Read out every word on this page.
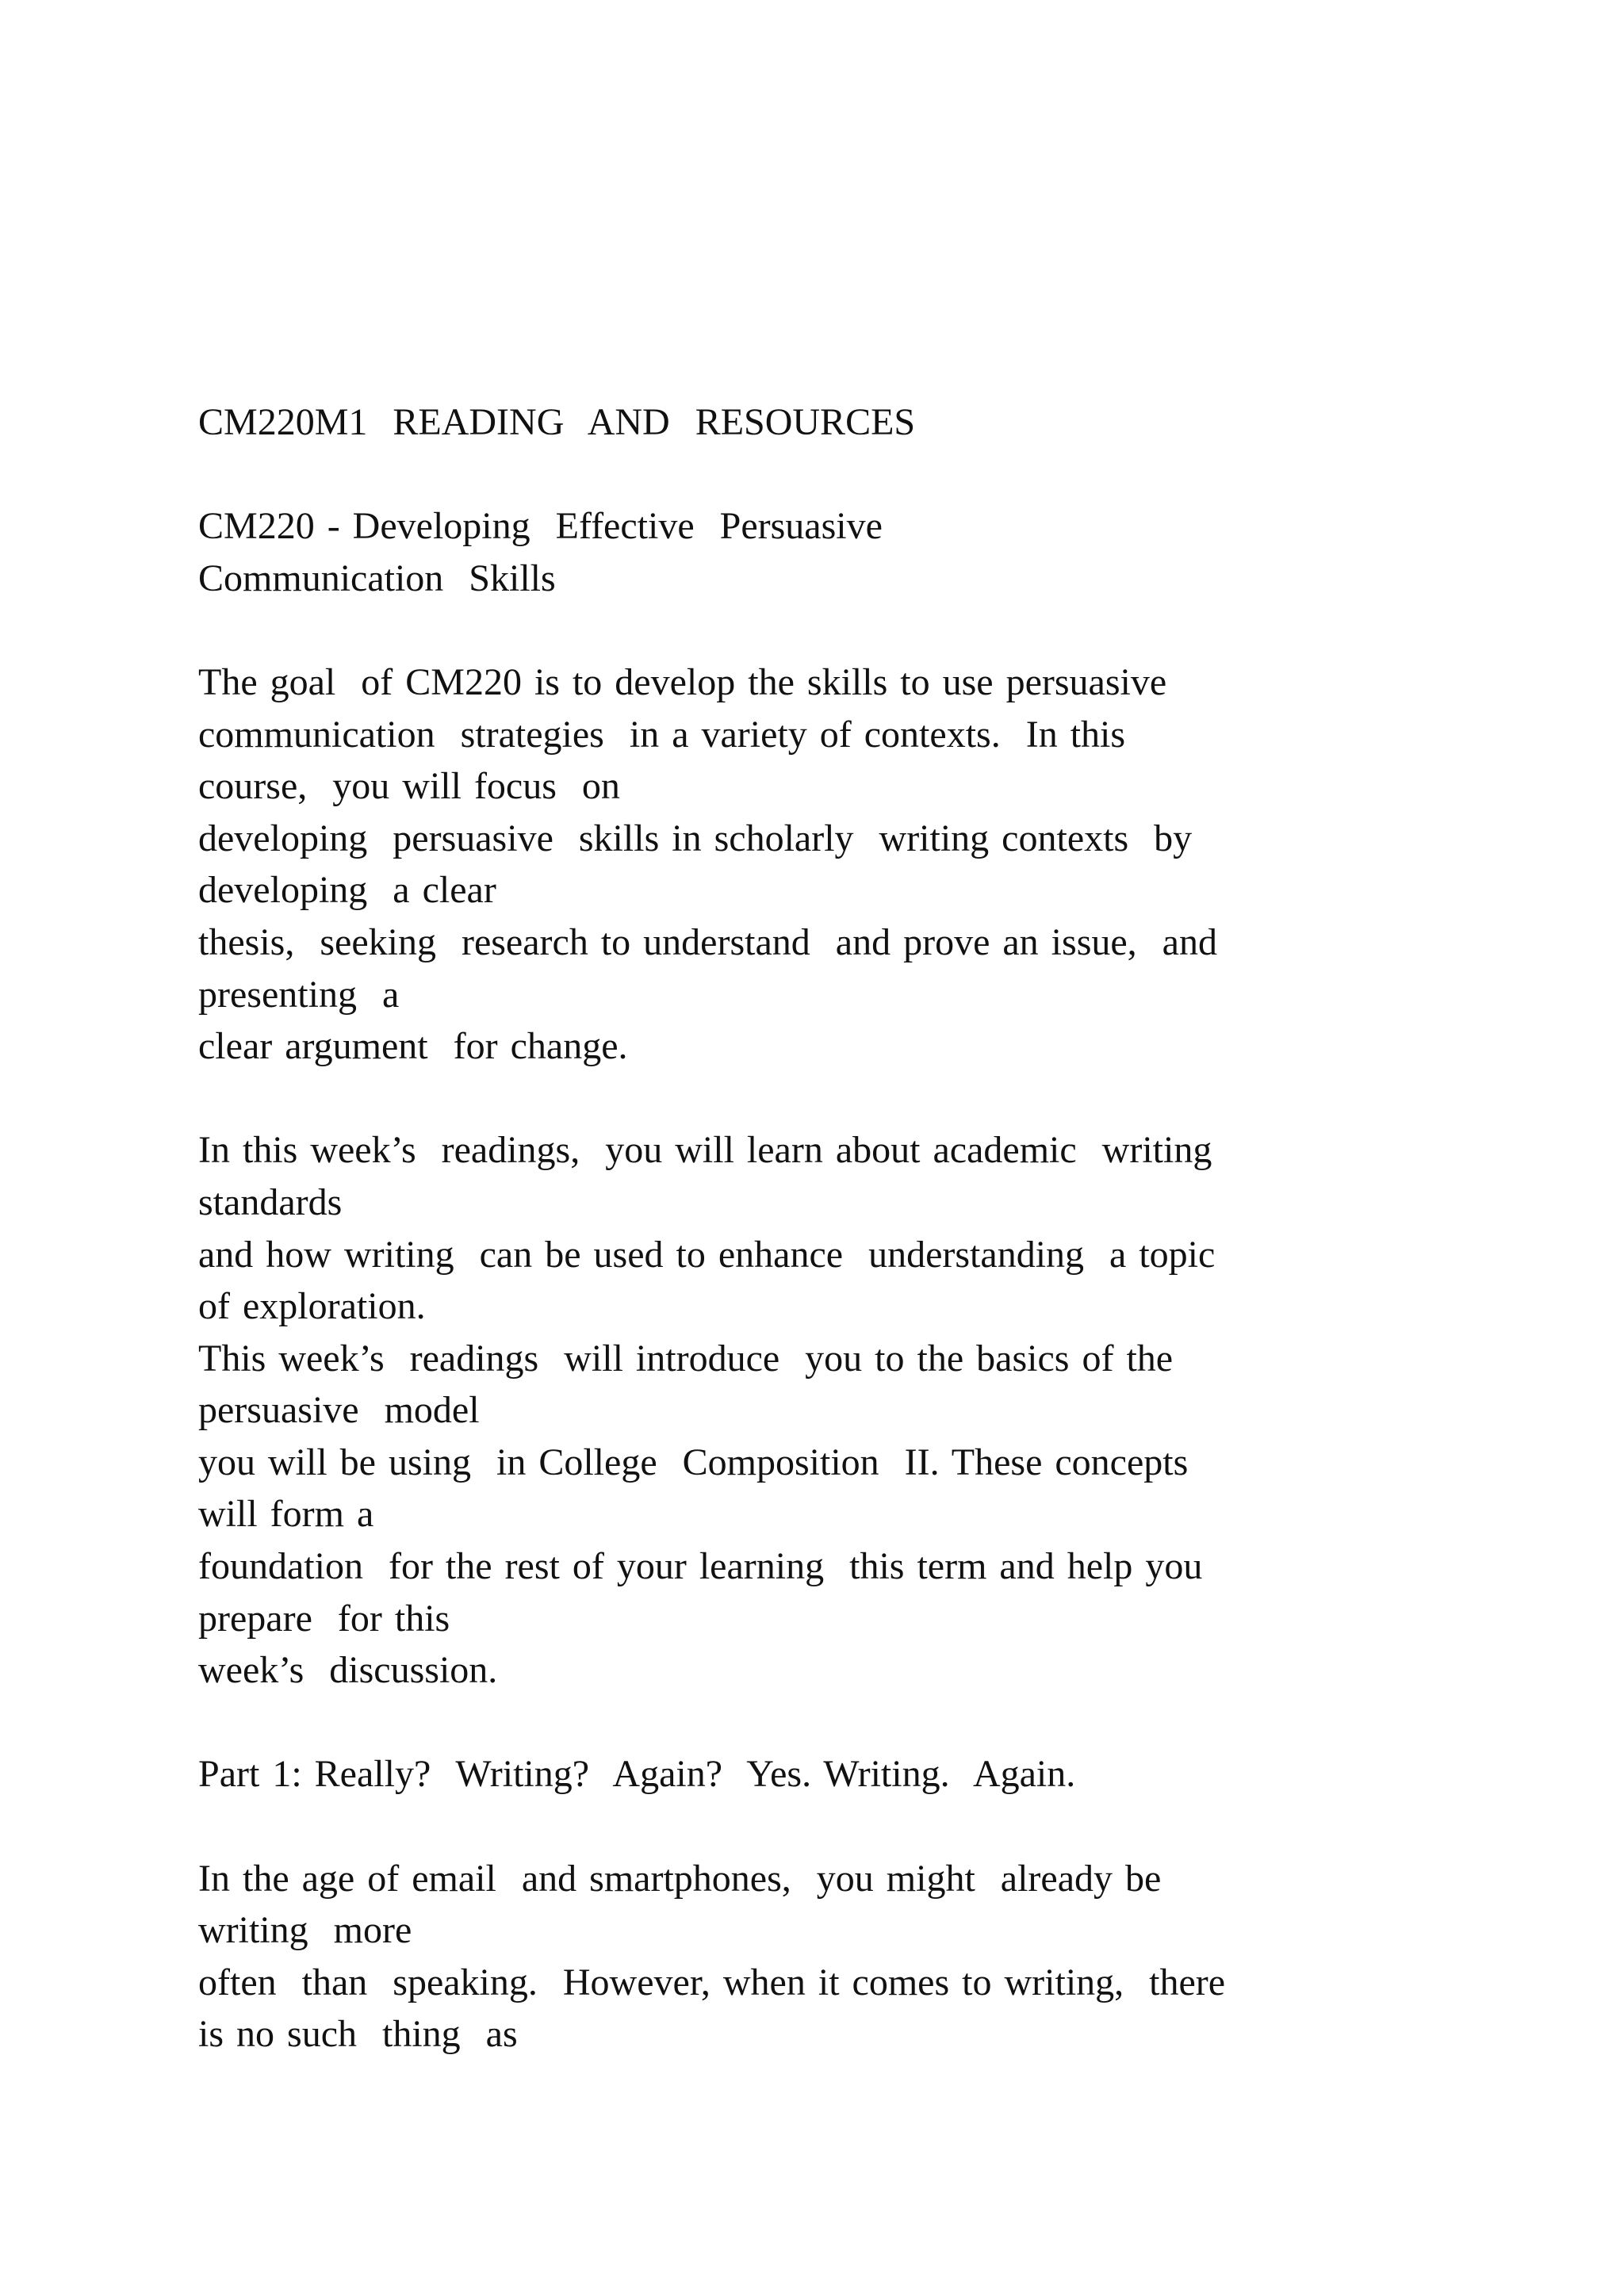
CM220M1  READING  AND  RESOURCES
CM220 - Developing  Effective  Persuasive
Communication  Skills
The goal  of CM220 is to develop the skills to use persuasive
communication  strategies  in a variety of contexts.  In this
course,  you will focus  on
developing  persuasive  skills in scholarly  writing contexts  by
developing  a clear
thesis,  seeking  research to understand  and prove an issue,  and
presenting  a
clear argument  for change.
In this week’s  readings,  you will learn about academic  writing
standards
and how writing  can be used to enhance  understanding  a topic
of exploration.
This week’s  readings  will introduce  you to the basics of the
persuasive  model
you will be using  in College  Composition  II. These concepts
will form a
foundation  for the rest of your learning  this term and help you
prepare  for this
week’s  discussion.
Part 1: Really?  Writing?  Again?  Yes. Writing.  Again.
In the age of email  and smartphones,  you might  already be
writing  more
often  than  speaking.  However, when it comes to writing,  there
is no such  thing  as
